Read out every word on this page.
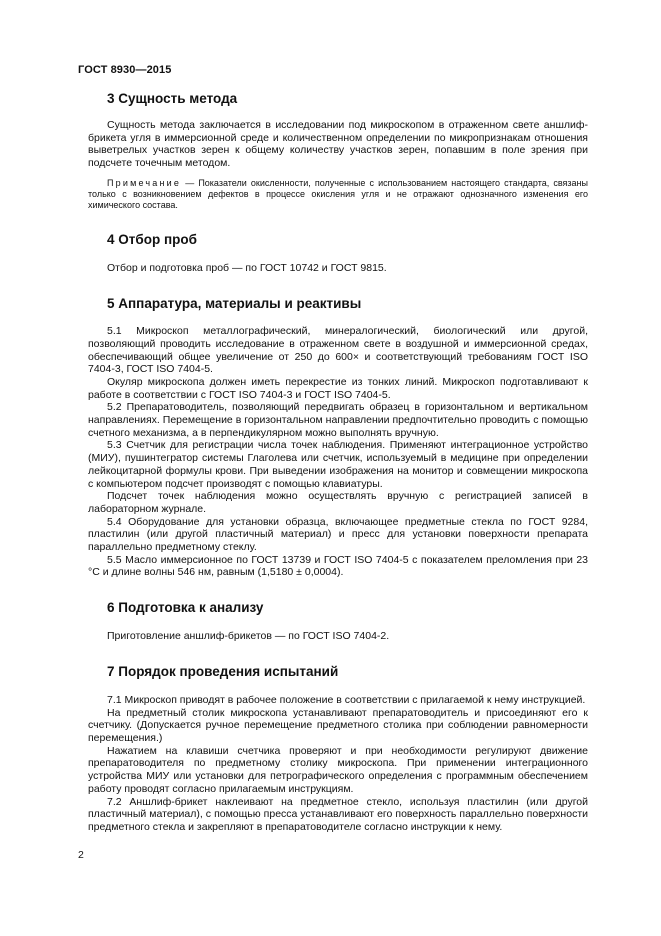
ГОСТ 8930—2015
3 Сущность метода

Сущность метода заключается в исследовании под микроскопом в отраженном свете аншлиф-брикета угля в иммерсионной среде и количественном определении по микропризнакам отношения выветрелых участков зерен к общему количеству участков зерен, попавшим в поле зрения при подсчете точечным методом.

Примечание — Показатели окисленности, полученные с использованием настоящего стандарта, связаны только с возникновением дефектов в процессе окисления угля и не отражают однозначного изменения его химического состава.
4 Отбор проб

Отбор и подготовка проб — по ГОСТ 10742 и ГОСТ 9815.

5 Аппаратура, материалы и реактивы

5.1 Микроскоп металлографический, минералогический, биологический или другой, позволяющий проводить исследование в отраженном свете в воздушной и иммерсионной средах, обеспечивающий общее увеличение от 250 до 600× и соответствующий требованиям ГОСТ ISO 7404-3, ГОСТ ISO 7404-5.

Окуляр микроскопа должен иметь перекрестие из тонких линий. Микроскоп подготавливают к работе в соответствии с ГОСТ ISO 7404-3 и ГОСТ ISO 7404-5.

5.2 Препаратоводитель, позволяющий передвигать образец в горизонтальном и вертикальном направлениях. Перемещение в горизонтальном направлении предпочтительно проводить с помощью счетного механизма, а в перпендикулярном можно выполнять вручную.

5.3 Счетчик для регистрации числа точек наблюдения. Применяют интеграционное устройство (МИУ), пушинтегратор системы Глаголева или счетчик, используемый в медицине при определении лейкоцитарной формулы крови. При выведении изображения на монитор и совмещении микроскопа с компьютером подсчет производят с помощью клавиатуры.

Подсчет точек наблюдения можно осуществлять вручную с регистрацией записей в лабораторном журнале.

5.4 Оборудование для установки образца, включающее предметные стекла по ГОСТ 9284, пластилин (или другой пластичный материал) и пресс для установки поверхности препарата параллельно предметному стеклу.

5.5 Масло иммерсионное по ГОСТ 13739 и ГОСТ ISO 7404-5 с показателем преломления при 23 °С и длине волны 546 нм, равным (1,5180 ± 0,0004).

6 Подготовка к анализу

Приготовление аншлиф-брикетов — по ГОСТ ISO 7404-2.

7 Порядок проведения испытаний

7.1 Микроскоп приводят в рабочее положение в соответствии с прилагаемой к нему инструкцией.

На предметный столик микроскопа устанавливают препаратоводитель и присоединяют его к счетчику. (Допускается ручное перемещение предметного столика при соблюдении равномерности перемещения.)

Нажатием на клавиши счетчика проверяют и при необходимости регулируют движение препаратоводителя по предметному столику микроскопа. При применении интеграционного устройства МИУ или установки для петрографического определения с программным обеспечением работу проводят согласно прилагаемым инструкциям.

7.2 Аншлиф-брикет наклеивают на предметное стекло, используя пластилин (или другой пластичный материал), с помощью пресса устанавливают его поверхность параллельно поверхности предметного стекла и закрепляют в препаратоводителе согласно инструкции к нему.

2
